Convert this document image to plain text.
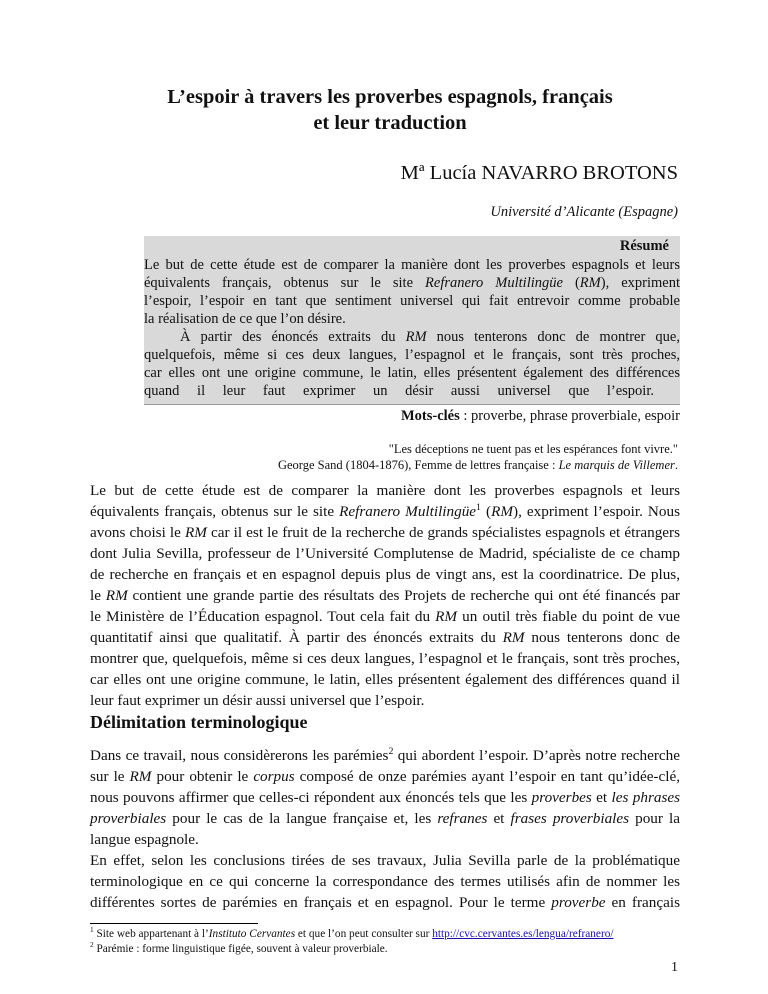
L’espoir à travers les proverbes espagnols, français
et leur traduction
Mª Lucía NAVARRO BROTONS
Université d’Alicante (Espagne)
Résumé
Le but de cette étude est de comparer la manière dont les proverbes espagnols et leurs
équivalents français, obtenus sur le site Refranero Multilingüe (RM), expriment
l’espoir, l’espoir en tant que sentiment universel qui fait entrevoir comme probable
la réalisation de ce que l’on désire.
À partir des énoncés extraits du RM nous tenterons donc de montrer que,
quelquefois, même si ces deux langues, l’espagnol et le français, sont très proches,
car elles ont une origine commune, le latin, elles présentent également des différences
quand il leur faut exprimer un désir aussi universel que l’espoir.
Mots-clés : proverbe, phrase proverbiale, espoir
"Les déceptions ne tuent pas et les espérances font vivre."
George Sand (1804-1876), Femme de lettres française : Le marquis de Villemer.
Le but de cette étude est de comparer la manière dont les proverbes espagnols et leurs
équivalents français, obtenus sur le site Refranero Multilingüe$^1$ (RM), expriment l’espoir. Nous
avons choisi le RM car il est le fruit de la recherche de grands spécialistes espagnols et étrangers
dont Julia Sevilla, professeur de l’Université Complutense de Madrid, spécialiste de ce champ
de recherche en français et en espagnol depuis plus de vingt ans, est la coordinatrice. De plus,
le RM contient une grande partie des résultats des Projets de recherche qui ont été financés par
le Ministère de l’Éducation espagnol. Tout cela fait du RM un outil très fiable du point de vue
quantitatif ainsi que qualitatif. À partir des énoncés extraits du RM nous tenterons donc de
montrer que, quelquefois, même si ces deux langues, l’espagnol et le français, sont très proches,
car elles ont une origine commune, le latin, elles présentent également des différences quand il
Délimitation terminologique
Dans ce travail, nous considèrerons les parémies$^2$ qui abordent l’espoir. D’après notre recherche
sur le RM pour obtenir le corpus composé de onze parémies ayant l’espoir en tant qu’idée-clé,
nous pouvons affirmer que celles-ci répondent aux énoncés tels que les proverbes et les phrases
proverbiales pour le cas de la langue française et, les refranes et frases proverbiales pour la
langue espagnole.
En effet, selon les conclusions tirées de ses travaux, Julia Sevilla parle de la problématique
terminologique en ce qui concerne la correspondance des termes utilisés afin de nommer les
différentes sortes de parémies en français et en espagnol. Pour le terme proverbe en français
$^1$ Site web appartenant à l’Instituto Cervantes et que l’on peut consulter sur http://cvc.cervantes.es/lengua/refranero/
$^2$ Parémie : forme linguistique figée, souvent à valeur proverbiale.
1
leur faut exprimer un désir aussi universel que l’espoir.
